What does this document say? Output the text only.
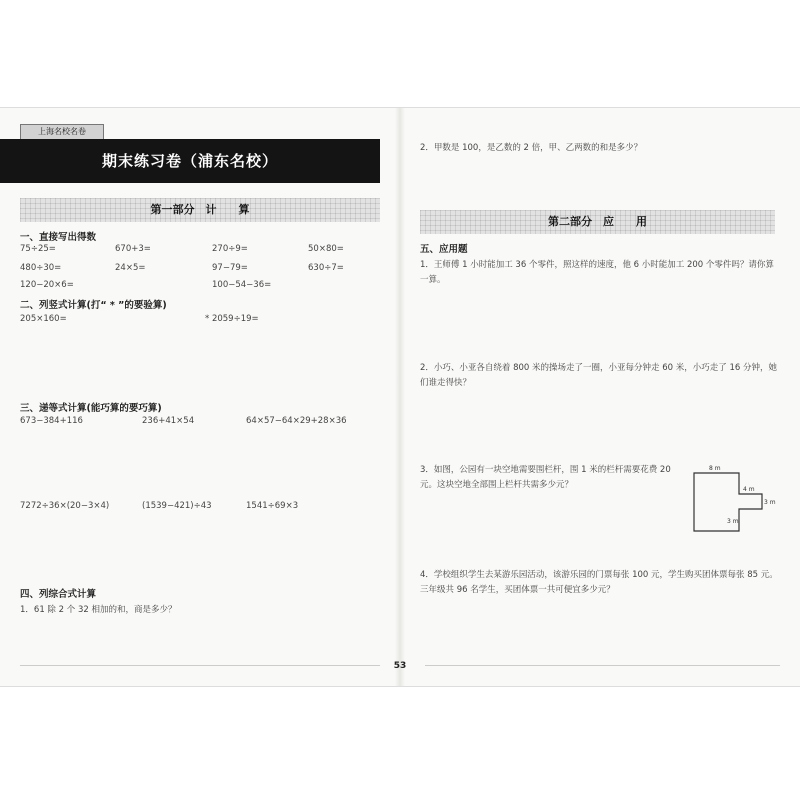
上海名校名卷
期末练习卷（浦东名校）
第一部分　计　　算
一、直接写出得数
75÷25=	670+3=	270÷9=	50×80=
480÷30=	24×5=	97−79=	630÷7=
120−20×6=	100−54−36=
二、列竖式计算(打“ * ”的要验算)
205×160=	* 2059÷19=
三、递等式计算(能巧算的要巧算)
673−384+116	236+41×54	64×57−64×29+28×36
7272÷36×(20−3×4)	(1539−421)÷43	1541÷69×3
四、列综合式计算
1．61 除 2 个 32 相加的和，商是多少？
53
2．甲数是 100，是乙数的 2 倍，甲、乙两数的和是多少？
第二部分　应　　用
五、应用题
1．王师傅 1 小时能加工 36 个零件，照这样的速度，他 6 小时能加工 200 个零件吗？请你算一算。
2．小巧、小亚各自绕着 800 米的操场走了一圈，小亚每分钟走 60 米，小巧走了 16 分钟，她们谁走得快？
3．如图，公园有一块空地需要围栏杆，围 1 米的栏杆需要花费 20 元。这块空地全部围上栏杆共需多少元？
4．学校组织学生去某游乐园活动，该游乐园的门票每张 100 元，学生购买团体票每张 85 元。三年级共 96 名学生，买团体票一共可便宜多少元？
8 m
4 m
3 m
3 m
